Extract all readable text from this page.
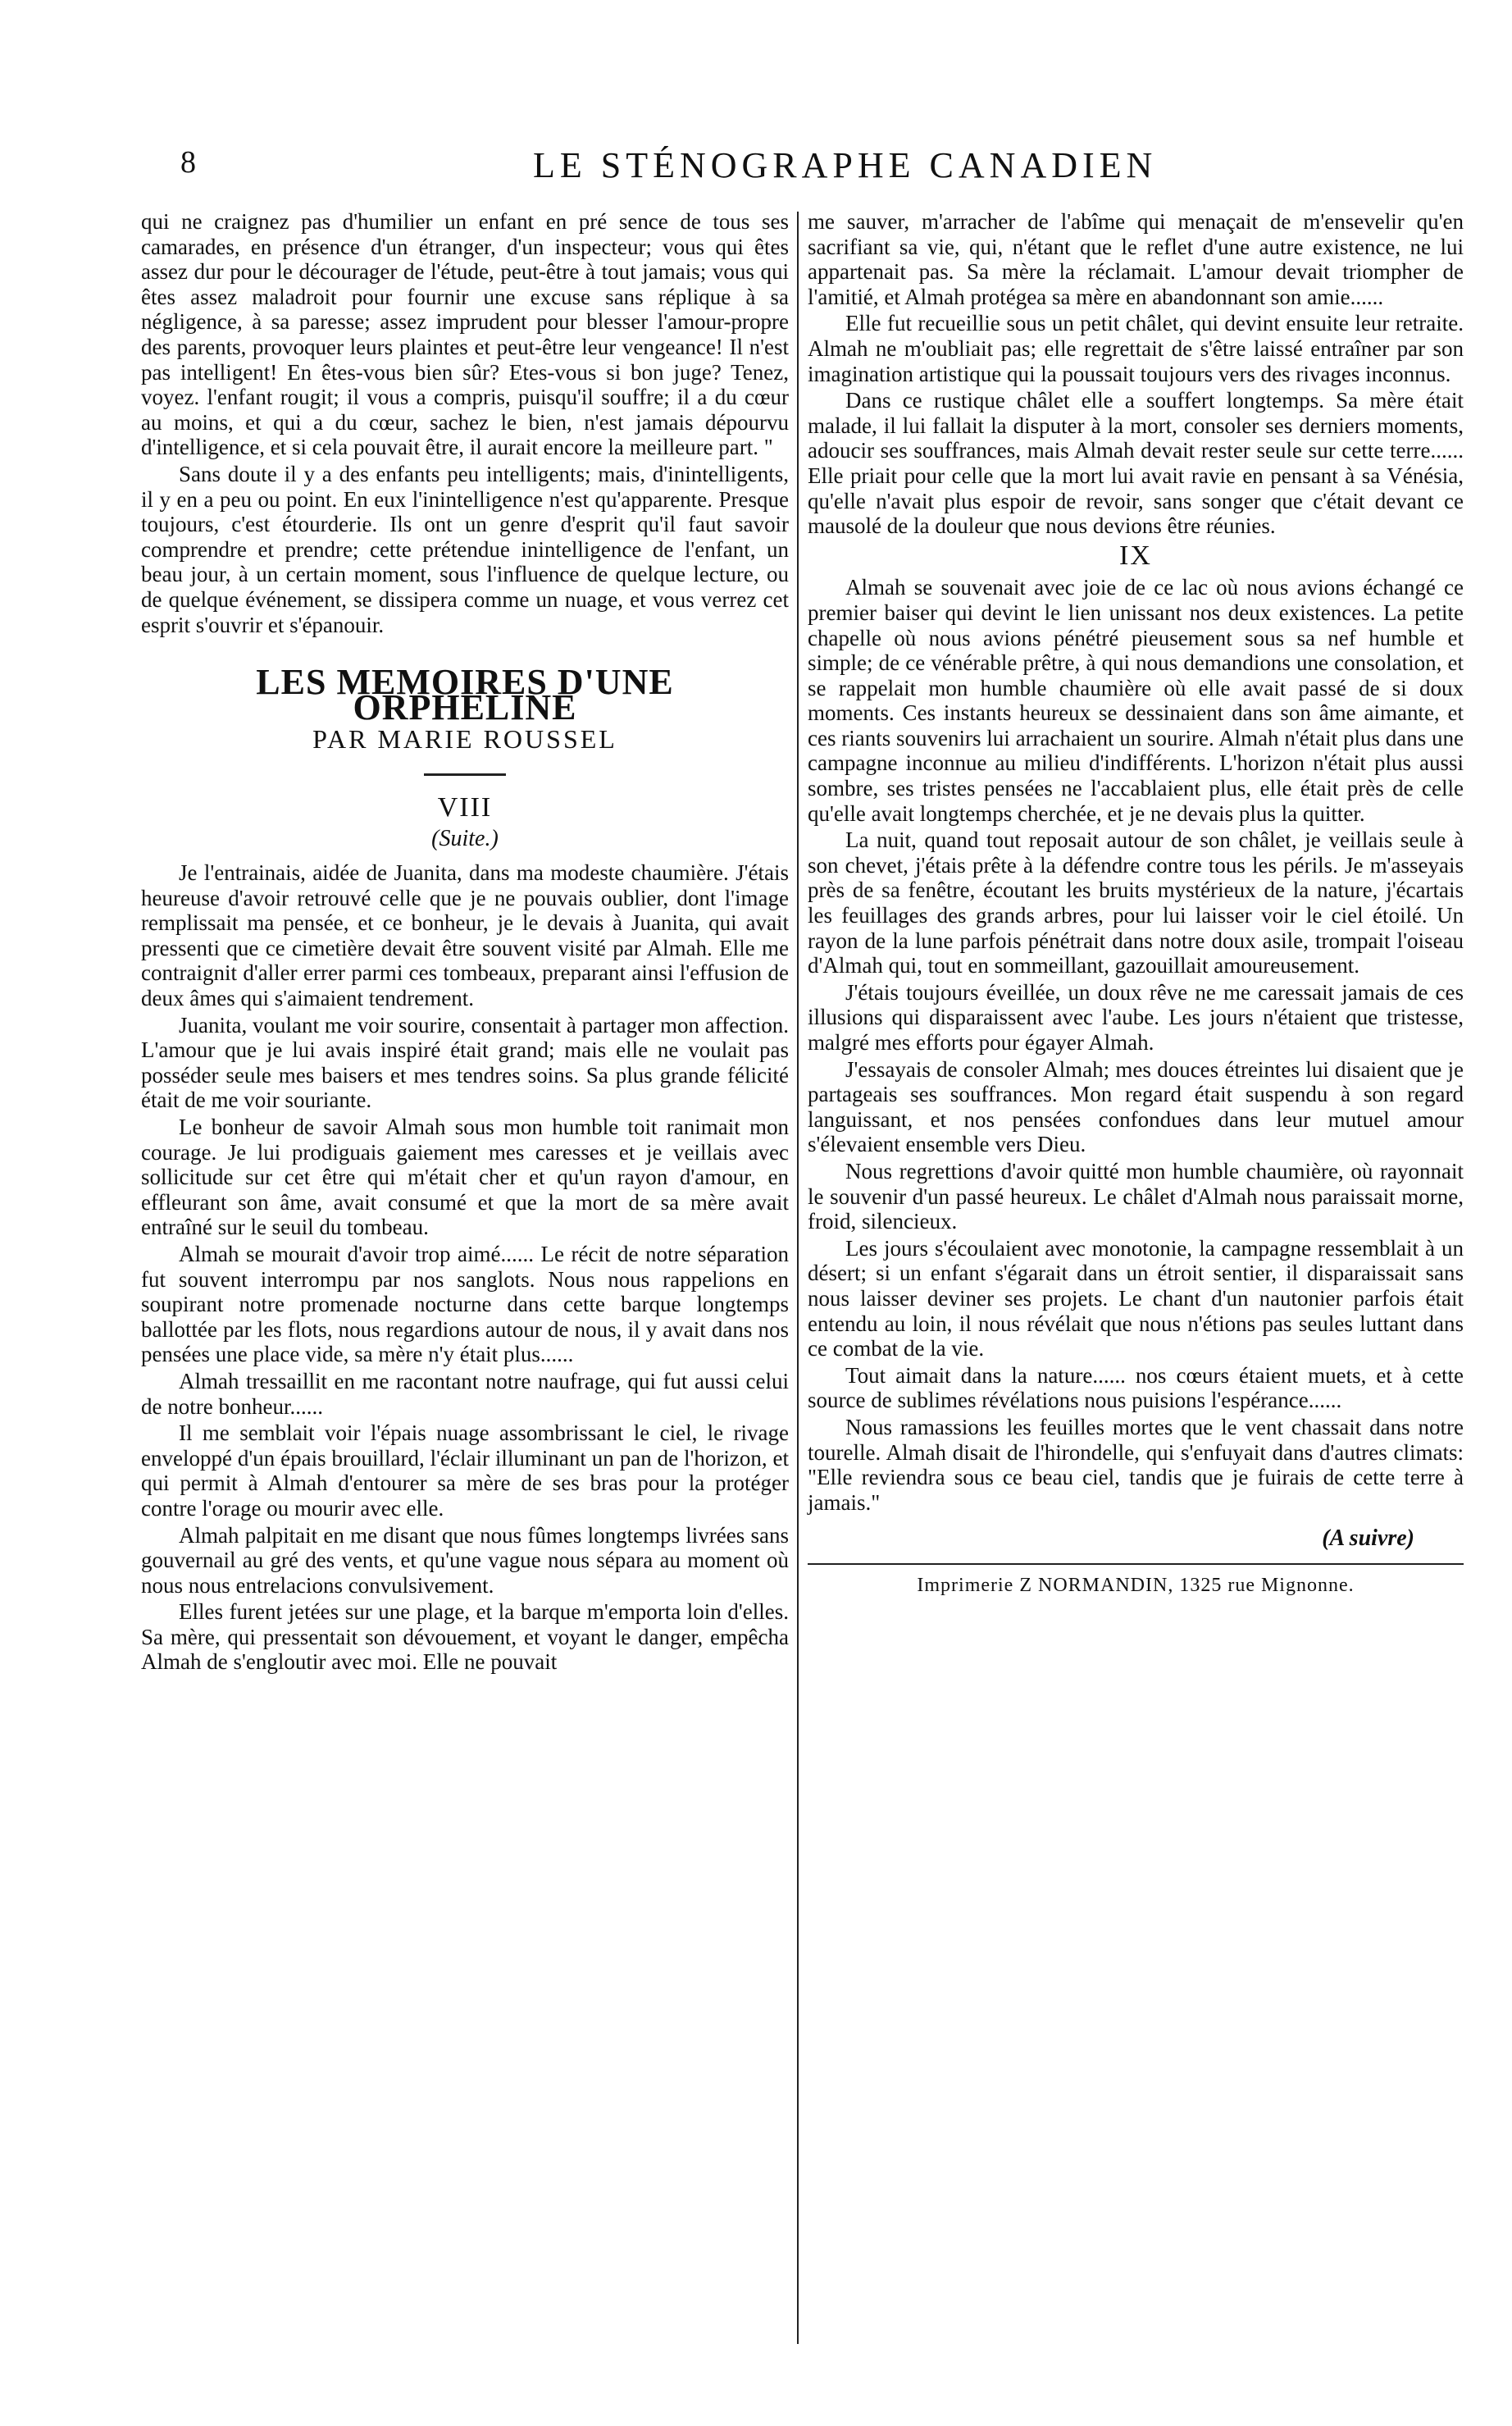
8	LE STÉNOGRAPHE CANADIEN

qui ne craignez pas d'humilier un enfant en pré sence de tous ses camarades, en présence d'un étranger, d'un inspecteur; vous qui êtes assez dur pour le décourager de l'étude, peut-être à tout jamais; vous qui êtes assez maladroit pour fournir une excuse sans réplique à sa négligence, à sa paresse; assez imprudent pour blesser l'amour-propre des parents, provoquer leurs plaintes et peut-être leur vengeance! Il n'est pas intelligent! En êtes-vous bien sûr? Etes-vous si bon juge? Tenez, voyez. l'enfant rougit; il vous a compris, puisqu'il souffre; il a du cœur au moins, et qui a du cœur, sachez le bien, n'est jamais dépourvu d'intelligence, et si cela pouvait être, il aurait encore la meilleure part. "

Sans doute il y a des enfants peu intelligents; mais, d'inintelligents, il y en a peu ou point. En eux l'inintelligence n'est qu'apparente. Presque toujours, c'est étourderie. Ils ont un genre d'esprit qu'il faut savoir comprendre et prendre; cette prétendue inintelligence de l'enfant, un beau jour, à un certain moment, sous l'influence de quelque lecture, ou de quelque événement, se dissipera comme un nuage, et vous verrez cet esprit s'ouvrir et s'épanouir.

LES MEMOIRES D'UNE ORPHELINE
PAR MARIE ROUSSEL
VIII
(Suite.)

Je l'entrainais, aidée de Juanita, dans ma modeste chaumière. J'étais heureuse d'avoir retrouvé celle que je ne pouvais oublier, dont l'image remplissait ma pensée, et ce bonheur, je le devais à Juanita, qui avait pressenti que ce cimetière devait être souvent visité par Almah. Elle me contraignit d'aller errer parmi ces tombeaux, preparant ainsi l'effusion de deux âmes qui s'aimaient tendrement.

Juanita, voulant me voir sourire, consentait à partager mon affection. L'amour que je lui avais inspiré était grand; mais elle ne voulait pas posséder seule mes baisers et mes tendres soins. Sa plus grande félicité était de me voir souriante.

Le bonheur de savoir Almah sous mon humble toit ranimait mon courage. Je lui prodiguais gaiement mes caresses et je veillais avec sollicitude sur cet être qui m'était cher et qu'un rayon d'amour, en effleurant son âme, avait consumé et que la mort de sa mère avait entraîné sur le seuil du tombeau.

Almah se mourait d'avoir trop aimé...... Le récit de notre séparation fut souvent interrompu par nos sanglots. Nous nous rappelions en soupirant notre promenade nocturne dans cette barque longtemps ballottée par les flots, nous regardions autour de nous, il y avait dans nos pensées une place vide, sa mère n'y était plus......

Almah tressaillit en me racontant notre naufrage, qui fut aussi celui de notre bonheur......

Il me semblait voir l'épais nuage assombrissant le ciel, le rivage enveloppé d'un épais brouillard, l'éclair illuminant un pan de l'horizon, et qui permit à Almah d'entourer sa mère de ses bras pour la protéger contre l'orage ou mourir avec elle.

Almah palpitait en me disant que nous fûmes longtemps livrées sans gouvernail au gré des vents, et qu'une vague nous sépara au moment où nous nous entrelacions convulsivement.

Elles furent jetées sur une plage, et la barque m'emporta loin d'elles. Sa mère, qui pressentait son dévouement, et voyant le danger, empêcha Almah de s'engloutir avec moi. Elle ne pouvait

me sauver, m'arracher de l'abîme qui menaçait de m'ensevelir qu'en sacrifiant sa vie, qui, n'étant que le reflet d'une autre existence, ne lui appartenait pas. Sa mère la réclamait. L'amour devait triompher de l'amitié, et Almah protégea sa mère en abandonnant son amie......

Elle fut recueillie sous un petit châlet, qui devint ensuite leur retraite. Almah ne m'oubliait pas; elle regrettait de s'être laissé entraîner par son imagination artistique qui la poussait toujours vers des rivages inconnus.

Dans ce rustique châlet elle a souffert longtemps. Sa mère était malade, il lui fallait la disputer à la mort, consoler ses derniers moments, adoucir ses souffrances, mais Almah devait rester seule sur cette terre...... Elle priait pour celle que la mort lui avait ravie en pensant à sa Vénésia, qu'elle n'avait plus espoir de revoir, sans songer que c'était devant ce mausolé de la douleur que nous devions être réunies.

IX

Almah se souvenait avec joie de ce lac où nous avions échangé ce premier baiser qui devint le lien unissant nos deux existences. La petite chapelle où nous avions pénétré pieusement sous sa nef humble et simple; de ce vénérable prêtre, à qui nous demandions une consolation, et se rappelait mon humble chaumière où elle avait passé de si doux moments. Ces instants heureux se dessinaient dans son âme aimante, et ces riants souvenirs lui arrachaient un sourire. Almah n'était plus dans une campagne inconnue au milieu d'indifférents. L'horizon n'était plus aussi sombre, ses tristes pensées ne l'accablaient plus, elle était près de celle qu'elle avait longtemps cherchée, et je ne devais plus la quitter.

La nuit, quand tout reposait autour de son châlet, je veillais seule à son chevet, j'étais prête à la défendre contre tous les périls. Je m'asseyais près de sa fenêtre, écoutant les bruits mystérieux de la nature, j'écartais les feuillages des grands arbres, pour lui laisser voir le ciel étoilé. Un rayon de la lune parfois pénétrait dans notre doux asile, trompait l'oiseau d'Almah qui, tout en sommeillant, gazouillait amoureusement.

J'étais toujours éveillée, un doux rêve ne me caressait jamais de ces illusions qui disparaissent avec l'aube. Les jours n'étaient que tristesse, malgré mes efforts pour égayer Almah.

J'essayais de consoler Almah; mes douces étreintes lui disaient que je partageais ses souffrances. Mon regard était suspendu à son regard languissant, et nos pensées confondues dans leur mutuel amour s'élevaient ensemble vers Dieu.

Nous regrettions d'avoir quitté mon humble chaumière, où rayonnait le souvenir d'un passé heureux. Le châlet d'Almah nous paraissait morne, froid, silencieux.

Les jours s'écoulaient avec monotonie, la campagne ressemblait à un désert; si un enfant s'égarait dans un étroit sentier, il disparaissait sans nous laisser deviner ses projets. Le chant d'un nautonier parfois était entendu au loin, il nous révélait que nous n'étions pas seules luttant dans ce combat de la vie.

Tout aimait dans la nature...... nos cœurs étaient muets, et à cette source de sublimes révélations nous puisions l'espérance......

Nous ramassions les feuilles mortes que le vent chassait dans notre tourelle. Almah disait de l'hirondelle, qui s'enfuyait dans d'autres climats: "Elle reviendra sous ce beau ciel, tandis que je fuirais de cette terre à jamais."

(A suivre)
Imprimerie Z NORMANDIN, 1325 rue Mignonne.
